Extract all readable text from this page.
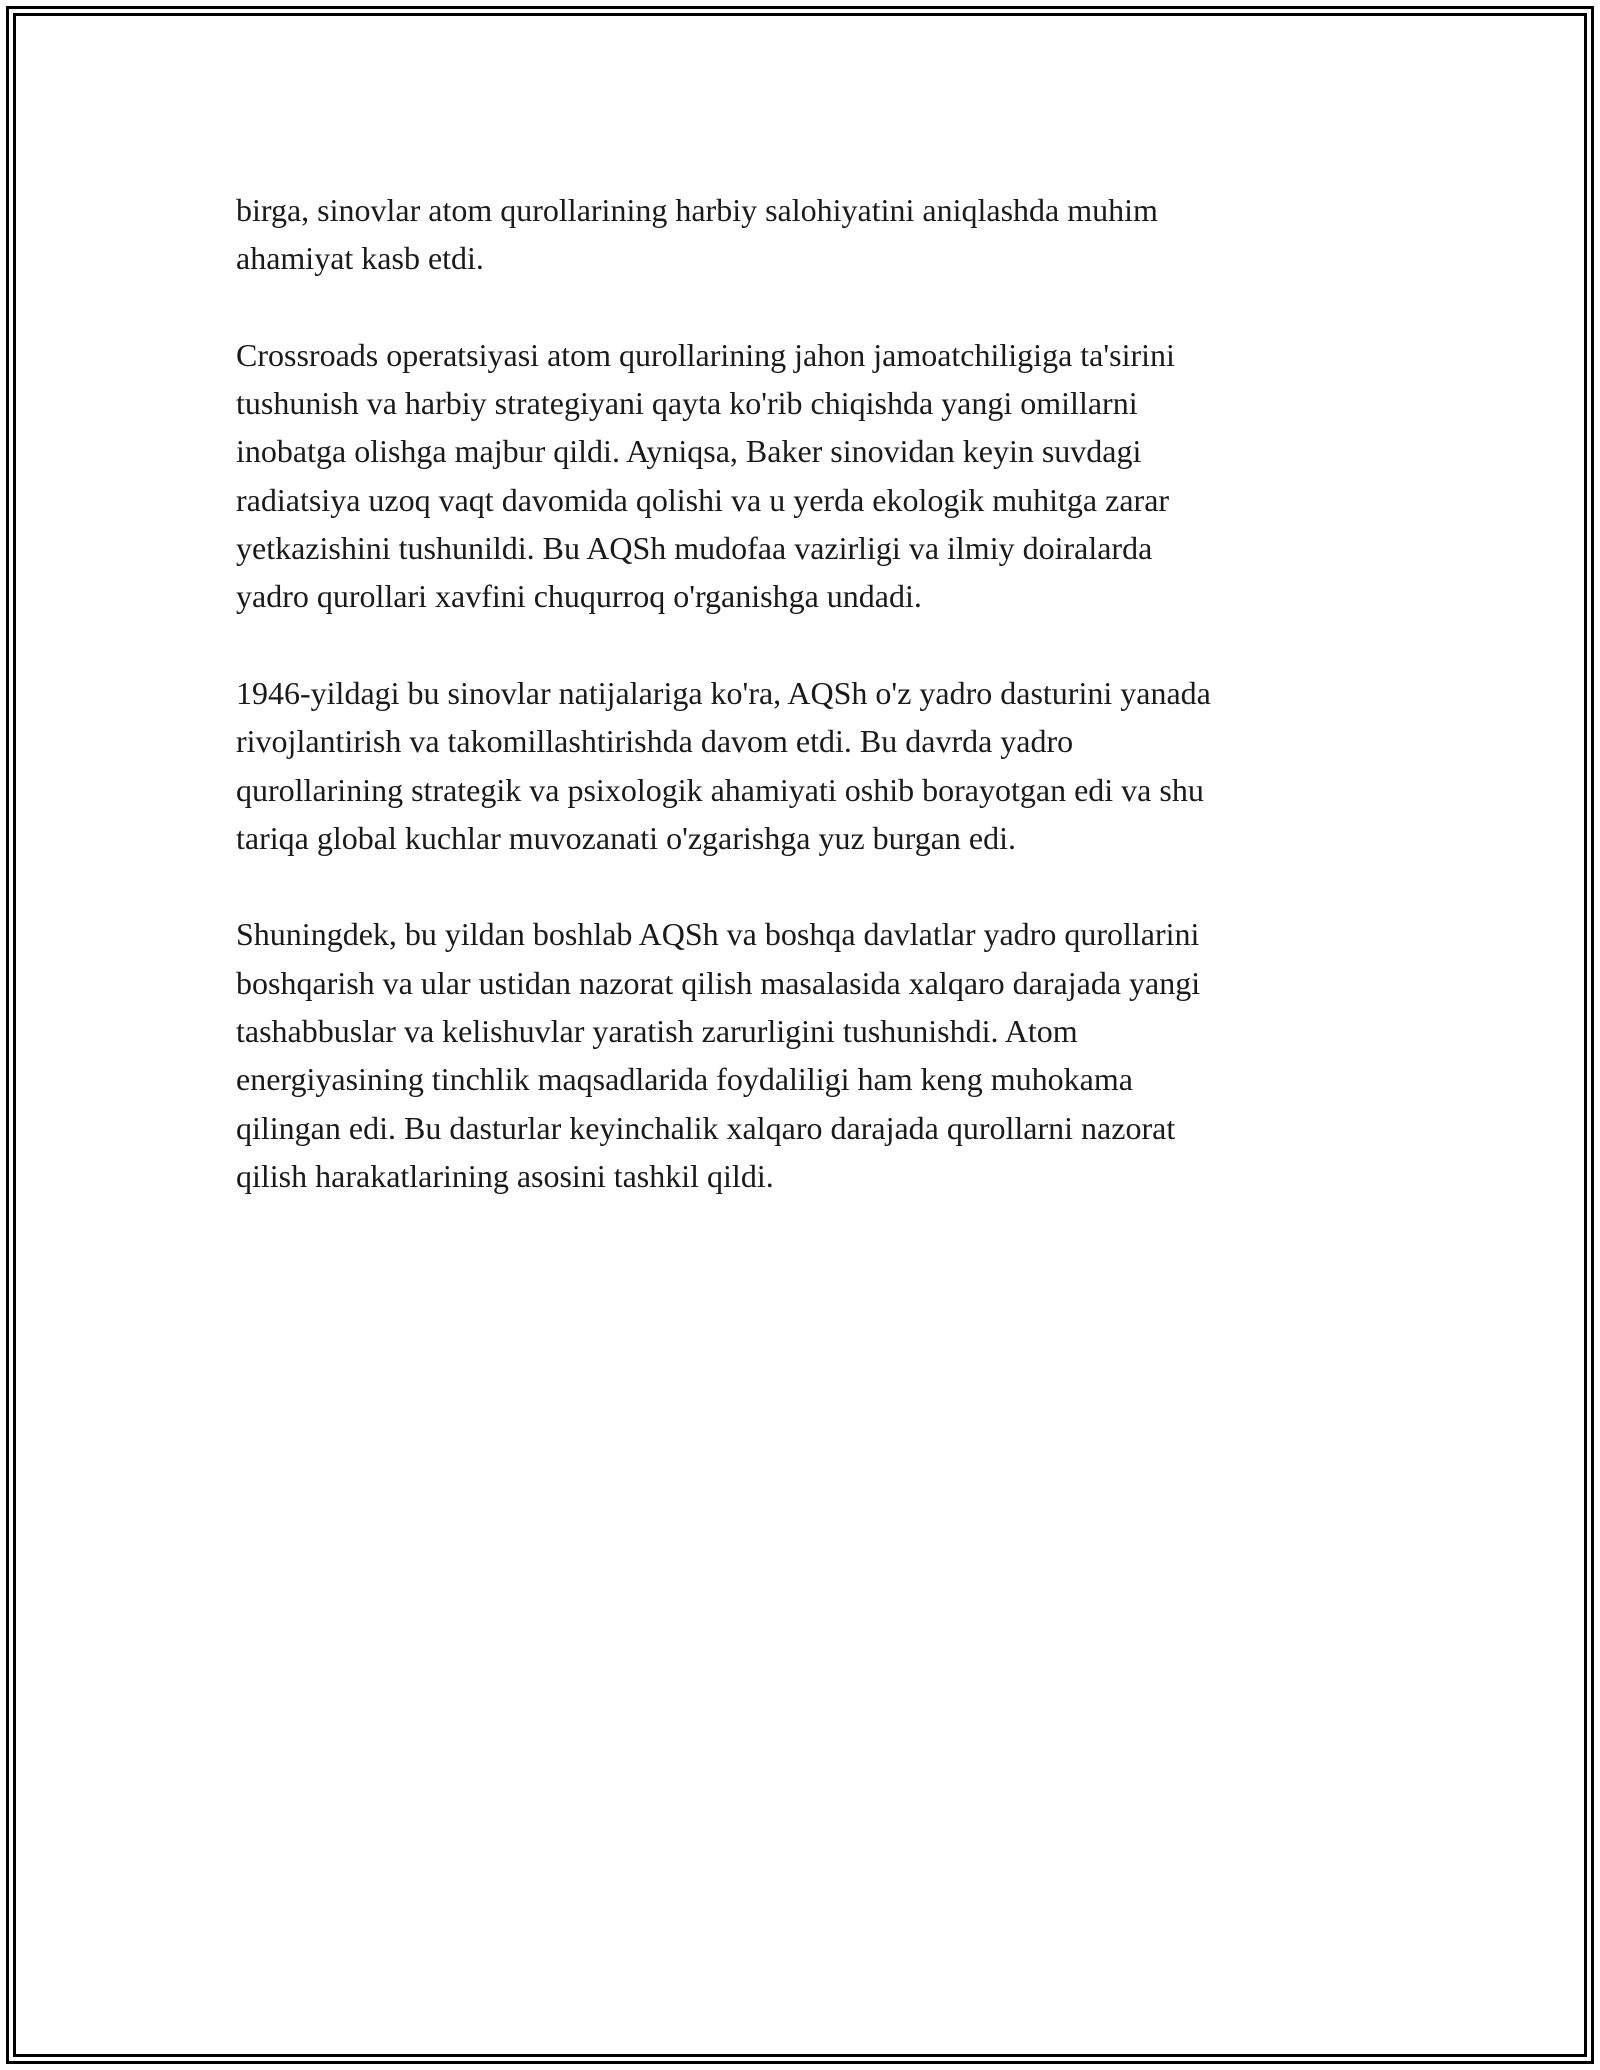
birga, sinovlar atom qurollarining harbiy salohiyatini aniqlashda muhim
ahamiyat kasb etdi.

Crossroads operatsiyasi atom qurollarining jahon jamoatchiligiga ta'sirini
tushunish va harbiy strategiyani qayta ko'rib chiqishda yangi omillarni
inobatga olishga majbur qildi. Ayniqsa, Baker sinovidan keyin suvdagi
radiatsiya uzoq vaqt davomida qolishi va u yerda ekologik muhitga zarar
yetkazishini tushunildi. Bu AQSh mudofaa vazirligi va ilmiy doiralarda
yadro qurollari xavfini chuqurroq o'rganishga undadi.

1946-yildagi bu sinovlar natijalariga ko'ra, AQSh o'z yadro dasturini yanada
rivojlantirish va takomillashtirishda davom etdi. Bu davrda yadro
qurollarining strategik va psixologik ahamiyati oshib borayotgan edi va shu
tariqa global kuchlar muvozanati o'zgarishga yuz burgan edi.

Shuningdek, bu yildan boshlab AQSh va boshqa davlatlar yadro qurollarini
boshqarish va ular ustidan nazorat qilish masalasida xalqaro darajada yangi
tashabbuslar va kelishuvlar yaratish zarurligini tushunishdi. Atom
energiyasining tinchlik maqsadlarida foydaliligi ham keng muhokama
qilingan edi. Bu dasturlar keyinchalik xalqaro darajada qurollarni nazorat
qilish harakatlarining asosini tashkil qildi.
